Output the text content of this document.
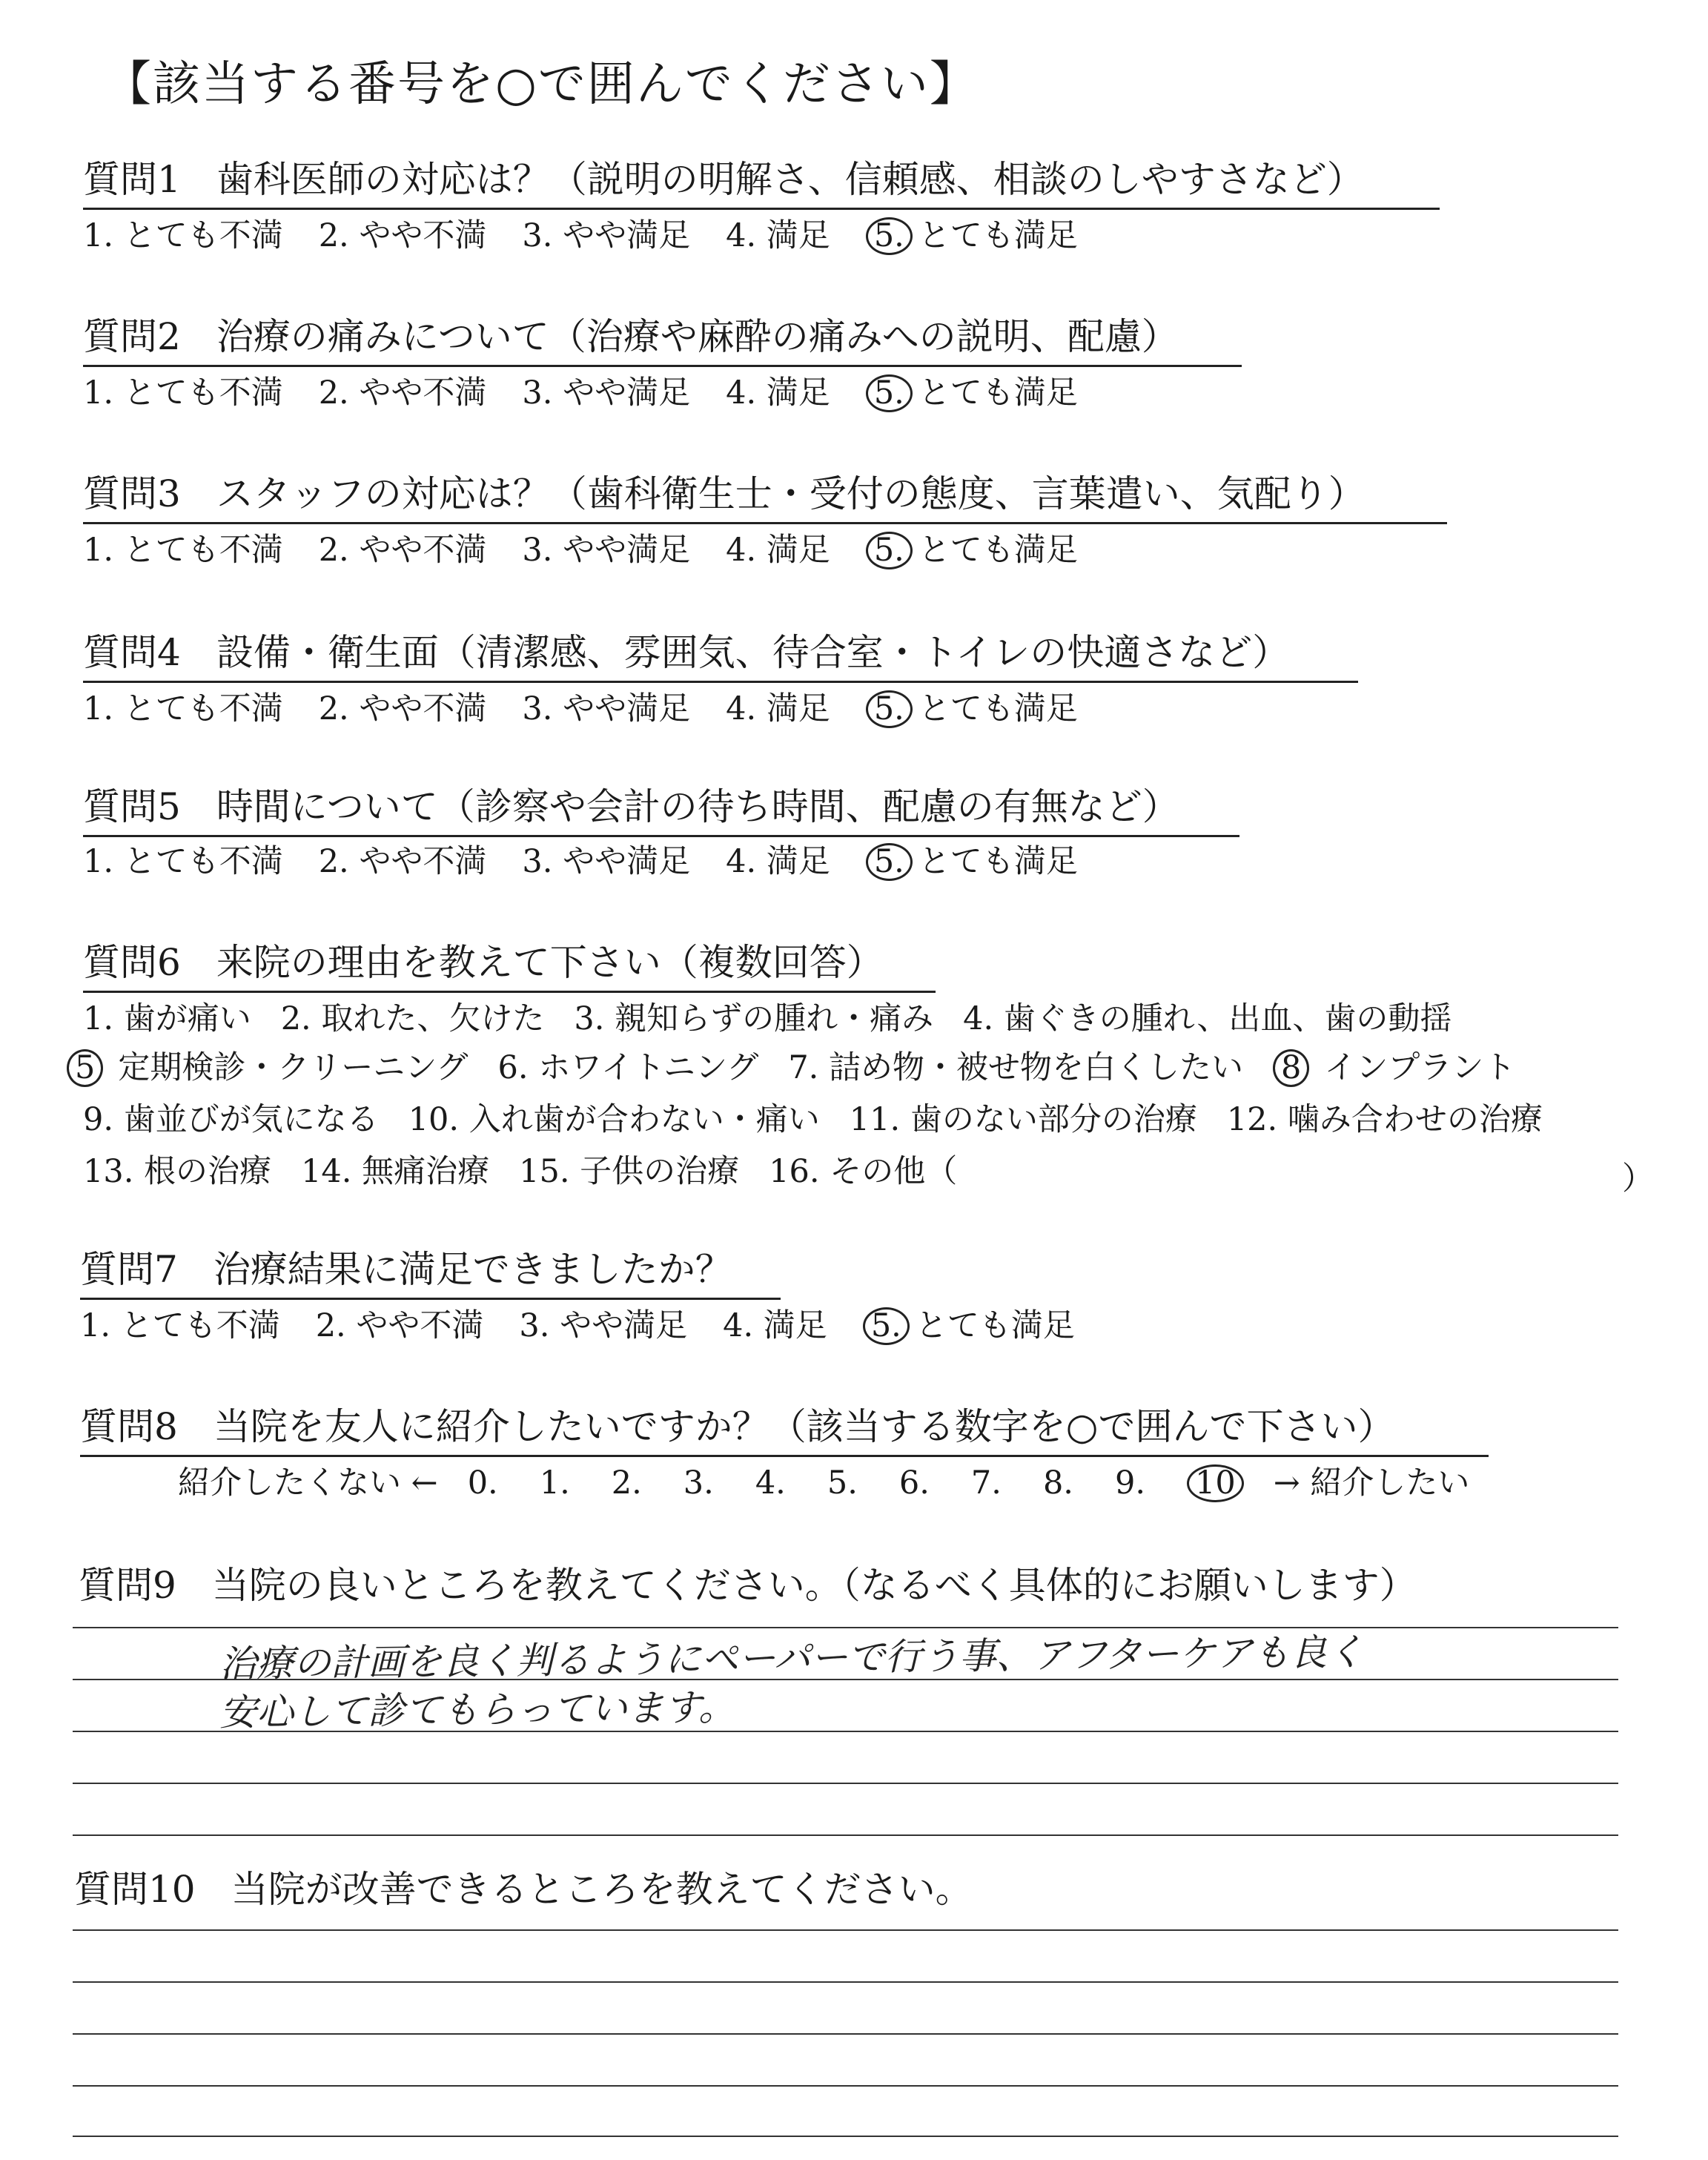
【該当する番号を○で囲んでください】
質問1 歯科医師の対応は？（説明の明解さ、信頼感、相談のしやすさなど）
1. とても不満 2. やや不満 3. やや満足 4. 満足 5. とても満足
質問2 治療の痛みについて（治療や麻酔の痛みへの説明、配慮）
1. とても不満 2. やや不満 3. やや満足 4. 満足 5. とても満足
質問3 スタッフの対応は？（歯科衛生士・受付の態度、言葉遣い、気配り）
1. とても不満 2. やや不満 3. やや満足 4. 満足 5. とても満足
質問4 設備・衛生面（清潔感、雰囲気、待合室・トイレの快適さなど）
1. とても不満 2. やや不満 3. やや満足 4. 満足 5. とても満足
質問5 時間について（診察や会計の待ち時間、配慮の有無など）
1. とても不満 2. やや不満 3. やや満足 4. 満足 5. とても満足
質問6 来院の理由を教えて下さい（複数回答）
1. 歯が痛い 2. 取れた、欠けた 3. 親知らずの腫れ・痛み 4. 歯ぐきの腫れ、出血、歯の動揺
5 定期検診・クリーニング 6. ホワイトニング 7. 詰め物・被せ物を白くしたい 8 インプラント
9. 歯並びが気になる 10. 入れ歯が合わない・痛い 11. 歯のない部分の治療 12. 噛み合わせの治療
13. 根の治療 14. 無痛治療 15. 子供の治療 16. その他（	）
質問7 治療結果に満足できましたか？
1. とても不満 2. やや不満 3. やや満足 4. 満足 5. とても満足
質問8 当院を友人に紹介したいですか？（該当する数字を○で囲んで下さい）
紹介したくない ← 0. 1. 2. 3. 4. 5. 6. 7. 8. 9. 10 → 紹介したい
質問9 当院の良いところを教えてください。（なるべく具体的にお願いします）
治療の計画を良く判るようにペーパーで行う事、アフターケアも良く
安心して診てもらっています。
質問10 当院が改善できるところを教えてください。
